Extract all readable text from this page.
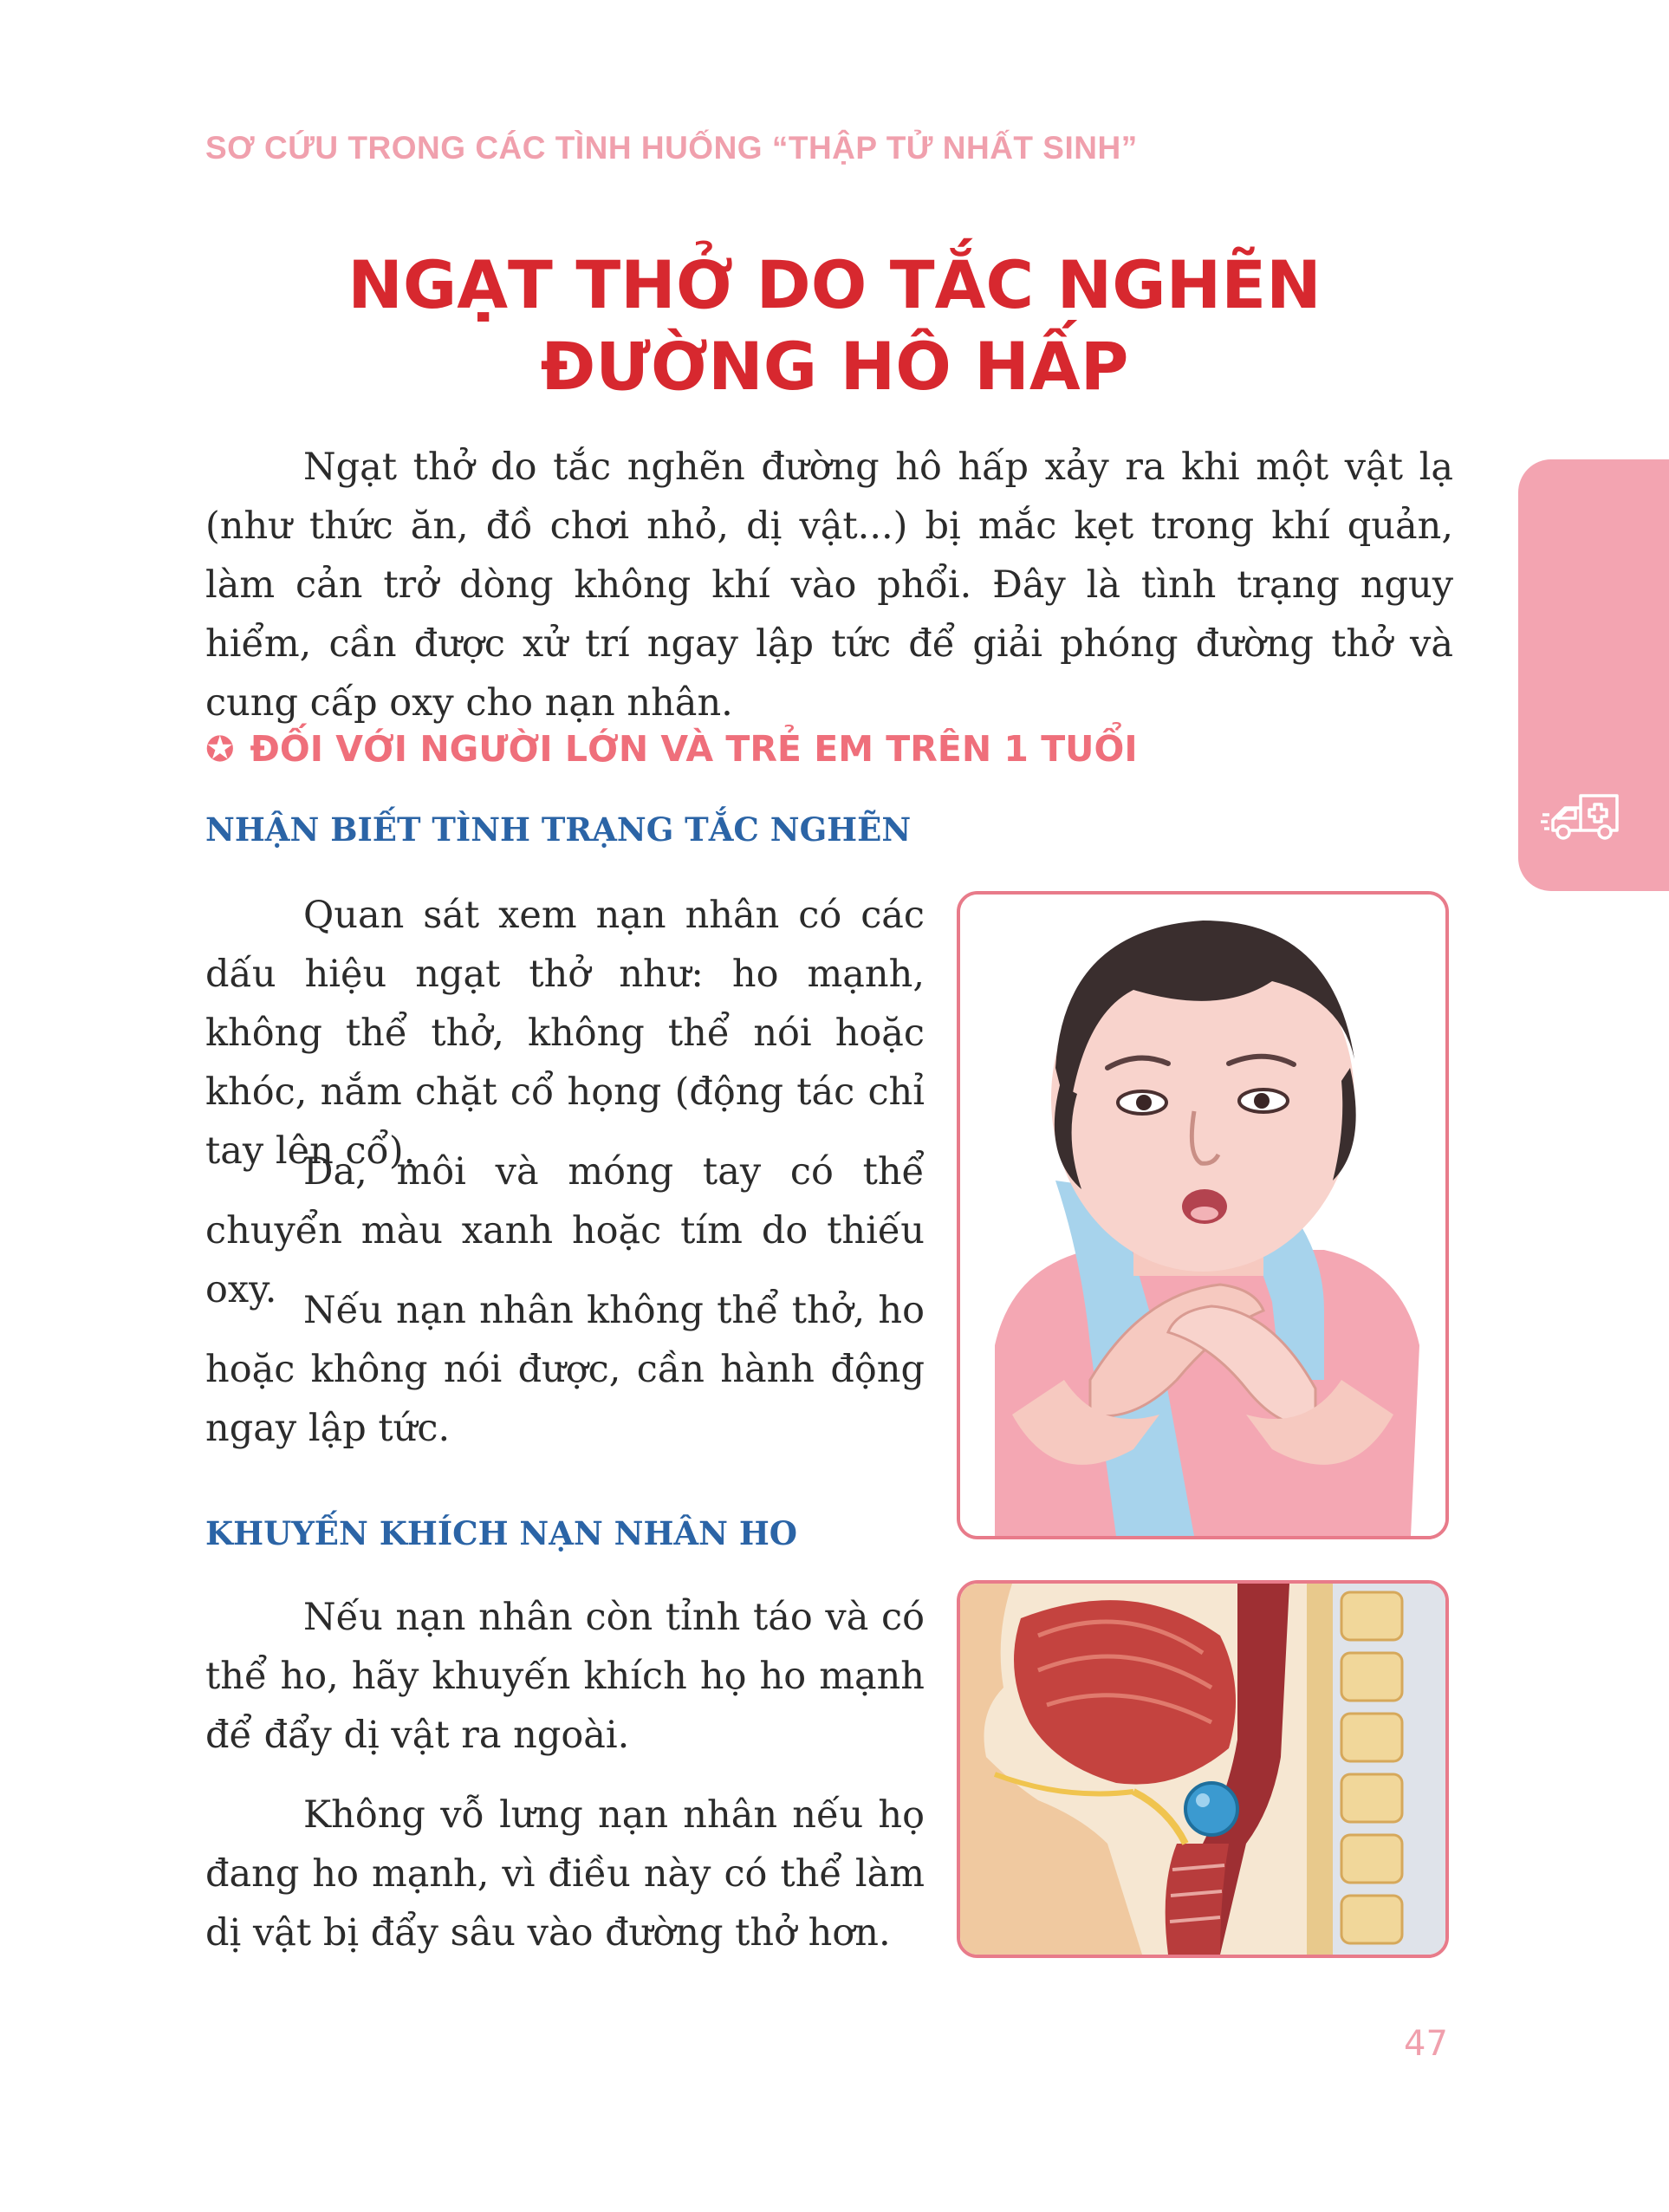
SƠ CỨU TRONG CÁC TÌNH HUỐNG “THẬP TỬ NHẤT SINH”
NGẠT THỞ DO TẮC NGHẼN
ĐƯỜNG HÔ HẤP

Ngạt thở do tắc nghẽn đường hô hấp xảy ra khi một vật lạ (như thức ăn, đồ chơi nhỏ, dị vật...) bị mắc kẹt trong khí quản, làm cản trở dòng không khí vào phổi. Đây là tình trạng nguy hiểm, cần được xử trí ngay lập tức để giải phóng đường thở và cung cấp oxy cho nạn nhân.

✪ ĐỐI VỚI NGƯỜI LỚN VÀ TRẺ EM TRÊN 1 TUỔI
NHẬN BIẾT TÌNH TRẠNG TẮC NGHẼN

Quan sát xem nạn nhân có các dấu hiệu ngạt thở như: ho mạnh, không thể thở, không thể nói hoặc khóc, nắm chặt cổ họng (động tác chỉ tay lên cổ).

Da, môi và móng tay có thể chuyển màu xanh hoặc tím do thiếu oxy. Nếu nạn nhân không thể thở, ho hoặc không nói được, cần hành động ngay lập tức.

KHUYẾN KHÍCH NẠN NHÂN HO

Nếu nạn nhân còn tỉnh táo và có thể ho, hãy khuyến khích họ ho mạnh để đẩy dị vật ra ngoài.

Không vỗ lưng nạn nhân nếu họ đang ho mạnh, vì điều này có thể làm dị vật bị đẩy sâu vào đường thở hơn.

47
